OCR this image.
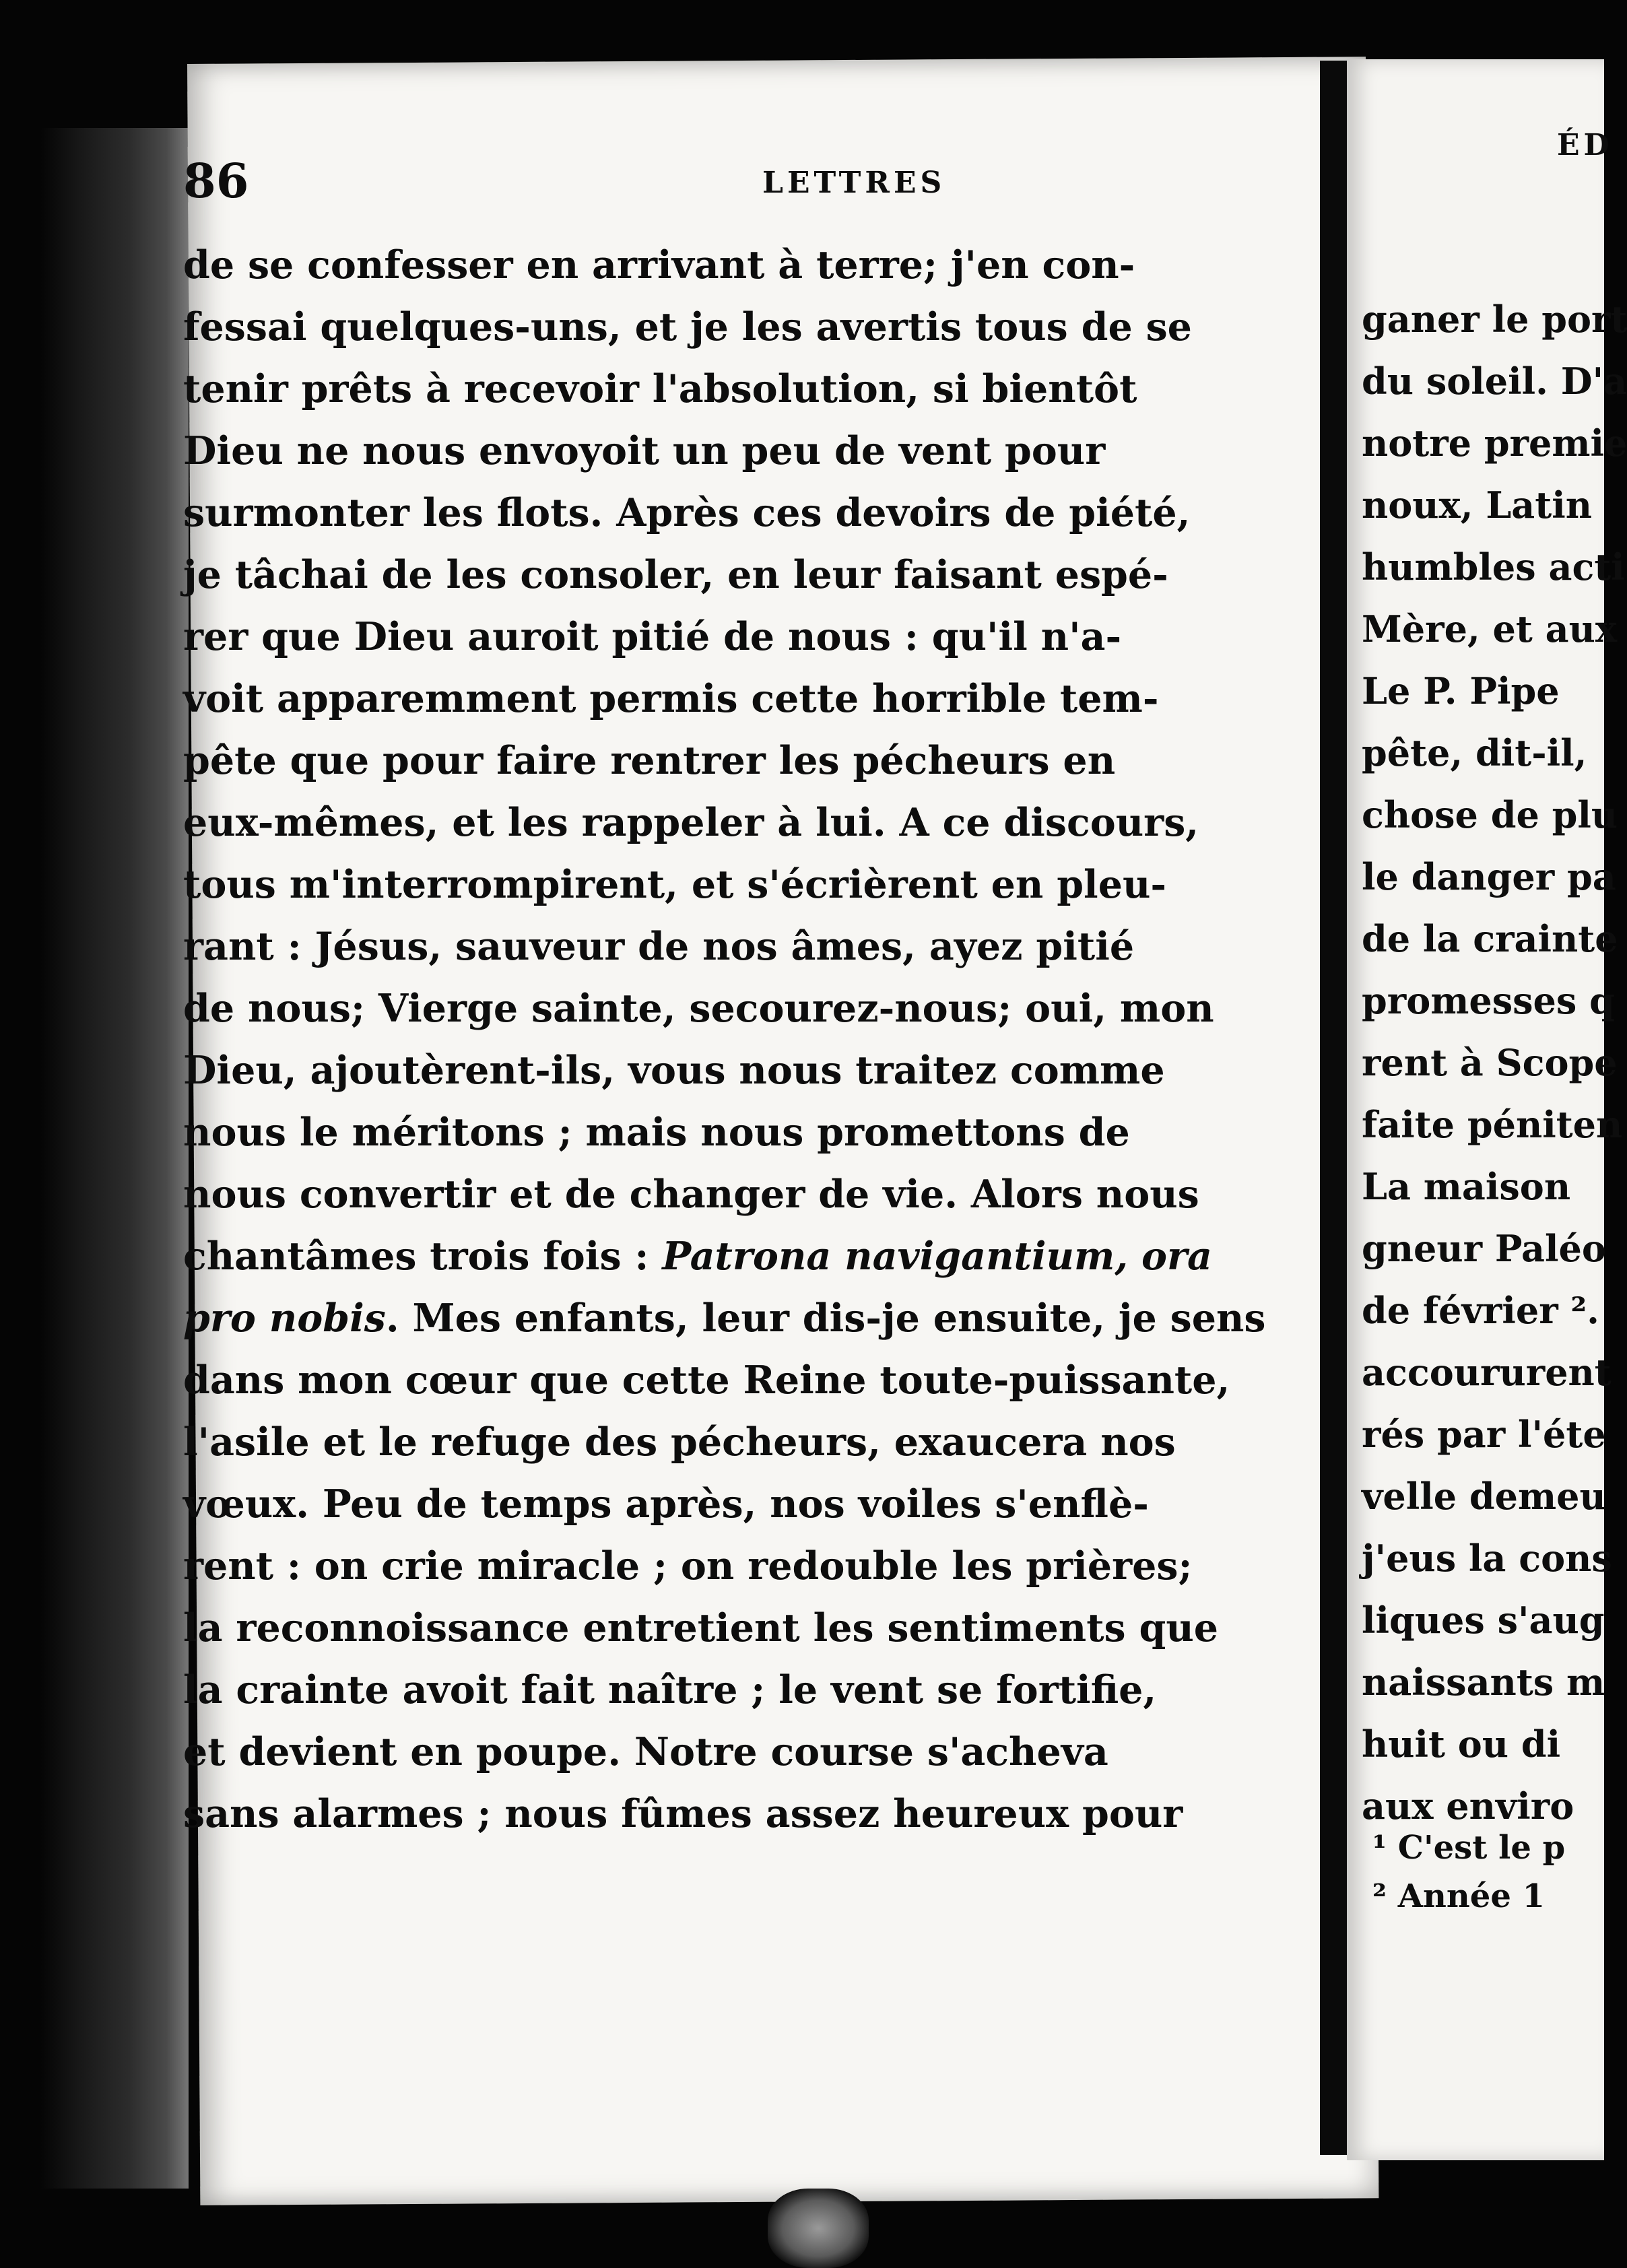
ÉD
ganer le port
du soleil. D'a
notre premie
noux, Latin
humbles acti
Mère, et aux
Le P. Pipe
pête, dit-il,
chose de plu
le danger pa
de la crainte
promesses q
rent à Scope
faite péniten
La maison
gneur Paléo
de février ².
accoururent
rés par l'éte
velle demeu
j'eus la cons
liques s'aug
naissants m
huit ou di
aux enviro
¹ C'est le p
² Année 1
86	LETTRES
de se confesser en arrivant à terre; j'en con-
fessai quelques-uns, et je les avertis tous de se
tenir prêts à recevoir l'absolution, si bientôt
Dieu ne nous envoyoit un peu de vent pour
surmonter les flots. Après ces devoirs de piété,
je tâchai de les consoler, en leur faisant espé-
rer que Dieu auroit pitié de nous : qu'il n'a-
voit apparemment permis cette horrible tem-
pête que pour faire rentrer les pécheurs en
eux-mêmes, et les rappeler à lui. A ce discours,
tous m'interrompirent, et s'écrièrent en pleu-
rant : Jésus, sauveur de nos âmes, ayez pitié
de nous; Vierge sainte, secourez-nous; oui, mon
Dieu, ajoutèrent-ils, vous nous traitez comme
nous le méritons ; mais nous promettons de
nous convertir et de changer de vie. Alors nous
chantâmes trois fois : Patrona navigantium, ora
pro nobis. Mes enfants, leur dis-je ensuite, je sens
dans mon cœur que cette Reine toute-puissante,
l'asile et le refuge des pécheurs, exaucera nos
vœux. Peu de temps après, nos voiles s'enflè-
rent : on crie miracle ; on redouble les prières;
la reconnoissance entretient les sentiments que
la crainte avoit fait naître ; le vent se fortifie,
et devient en poupe. Notre course s'acheva
sans alarmes ; nous fûmes assez heureux pour
